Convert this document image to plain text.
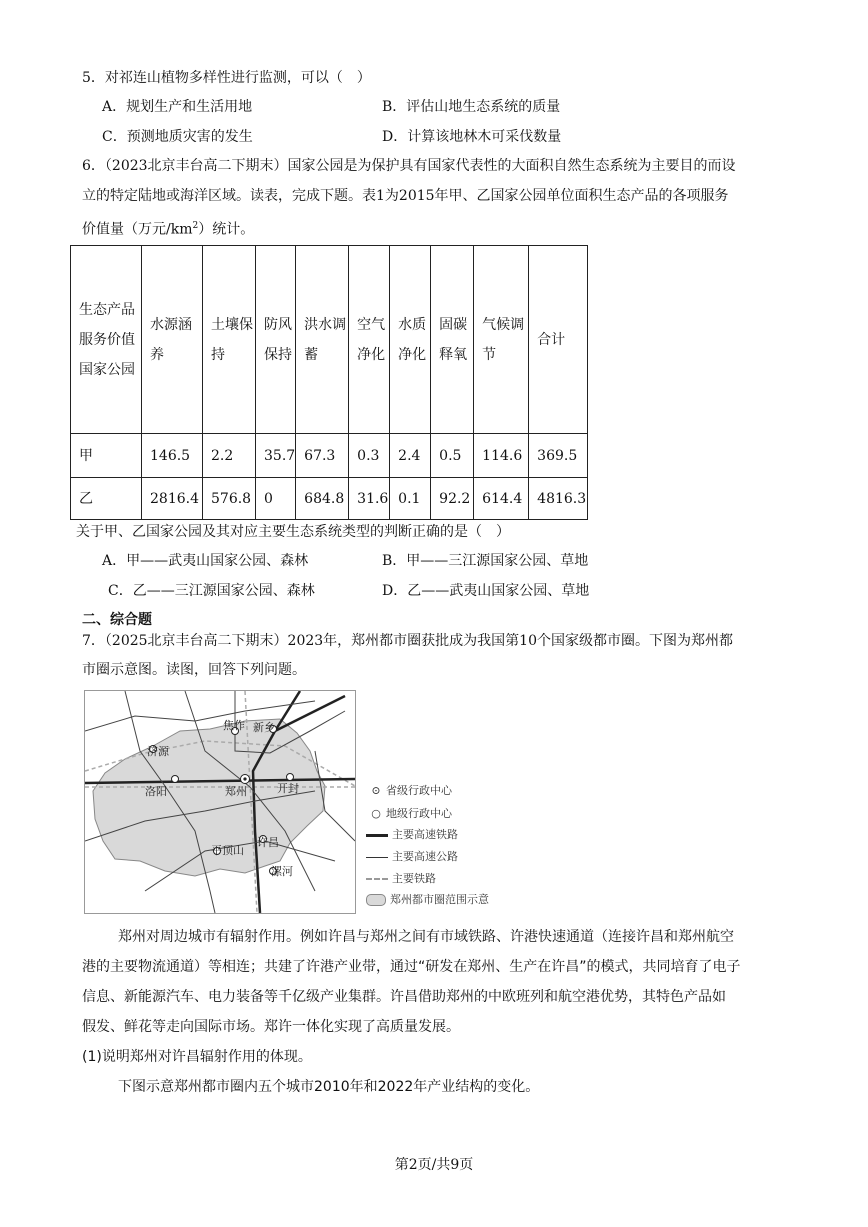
5．对祁连山植物多样性进行监测，可以（　）
A．规划生产和生活用地	B．评估山地生态系统的质量
C．预测地质灾害的发生	D．计算该地林木可采伐数量
6．（2023北京丰台高二下期末）国家公园是为保护具有国家代表性的大面积自然生态系统为主要目的而设
立的特定陆地或海洋区域。读表，完成下题。表1为2015年甲、乙国家公园单位面积生态产品的各项服务
价值量（万元$/km^2$）统计。
生态产品服务价值国家公园	水源涵养	土壤保持	防风保持	洪水调蓄	空气净化	水质净化	固碳释氧	气候调节	合计
甲	146.5	2.2	35.7	67.3	0.3	2.4	0.5	114.6	369.5
乙	2816.4	576.8	0	684.8	31.6	0.1	92.2	614.4	4816.3
关于甲、乙国家公园及其对应主要生态系统类型的判断正确的是（　）
A．甲——武夷山国家公园、森林	B．甲——三江源国家公园、草地
C．乙——三江源国家公园、森林	D．乙——武夷山国家公园、草地
二、综合题
7．（2025北京丰台高二下期末）2023年，郑州都市圈获批成为我国第10个国家级都市圈。下图为郑州都
市圈示意图。读图，回答下列问题。
焦作 新乡
济源
洛阳	郑州	开封
许昌
平顶山
漯河
⊙ 省级行政中心
○ 地级行政中心
主要高速铁路
主要高速公路
主要铁路
郑州都市圈范围示意
郑州对周边城市有辐射作用。例如许昌与郑州之间有市域铁路、许港快速通道（连接许昌和郑州航空
港的主要物流通道）等相连；共建了许港产业带，通过“研发在郑州、生产在许昌”的模式，共同培育了电子
信息、新能源汽车、电力装备等千亿级产业集群。许昌借助郑州的中欧班列和航空港优势，其特色产品如
假发、鲜花等走向国际市场。郑许一体化实现了高质量发展。
(1)说明郑州对许昌辐射作用的体现。
下图示意郑州都市圈内五个城市2010年和2022年产业结构的变化。
第2页/共9页
